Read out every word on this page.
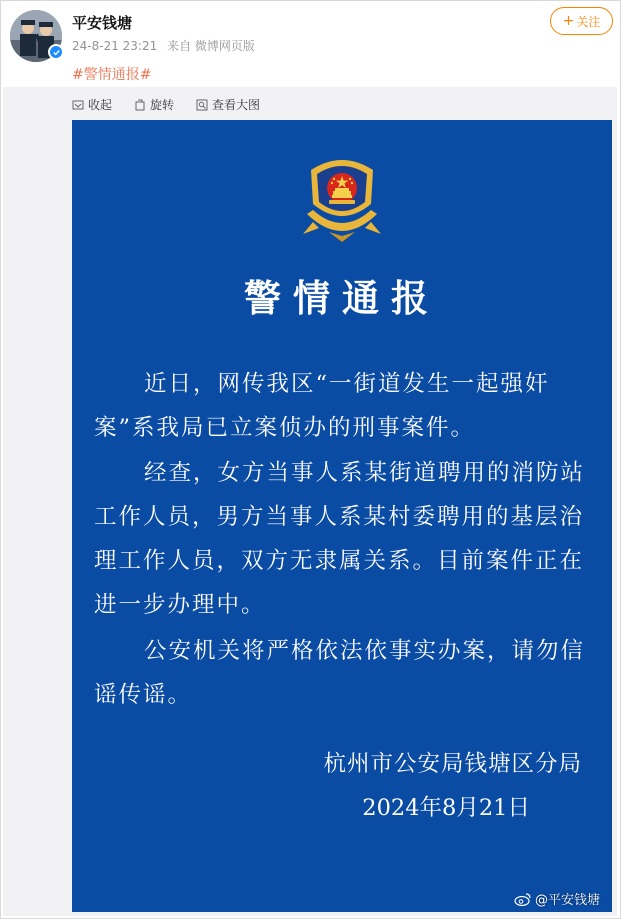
平安钱塘
24-8-21 23:21 来自 微博网页版
#警情通报#
+ 关注
收起	旋转	查看大图
警情通报
近日，网传我区“一街道发生一起强奸案”系我局已立案侦办的刑事案件。
经查，女方当事人系某街道聘用的消防站工作人员，男方当事人系某村委聘用的基层治理工作人员，双方无隶属关系。目前案件正在进一步办理中。
公安机关将严格依法依事实办案，请勿信谣传谣。
杭州市公安局钱塘区分局
2024年8月21日
@平安钱塘
